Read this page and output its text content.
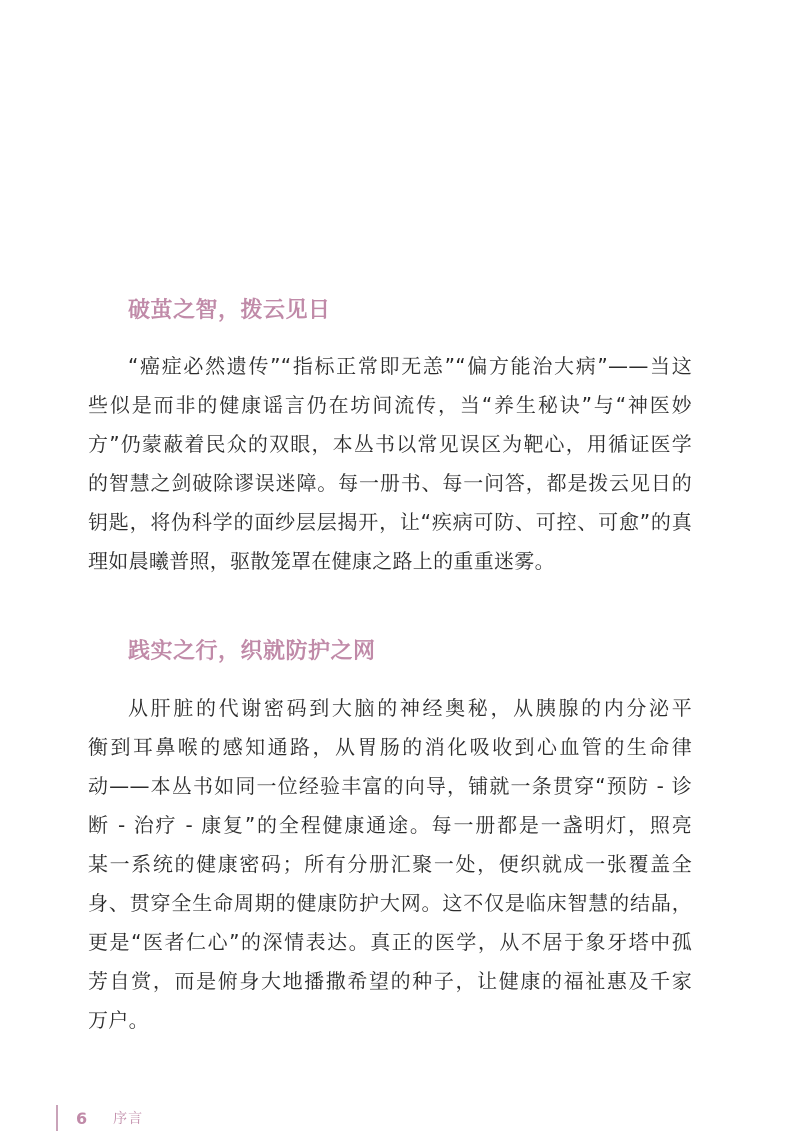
破茧之智，拨云见日
“癌症必然遗传”“指标正常即无恙”“偏方能治大病”——当这
些似是而非的健康谣言仍在坊间流传，当“养生秘诀”与“神医妙
方”仍蒙蔽着民众的双眼，本丛书以常见误区为靶心，用循证医学
的智慧之剑破除谬误迷障。每一册书、每一问答，都是拨云见日的
钥匙，将伪科学的面纱层层揭开，让“疾病可防、可控、可愈”的真
理如晨曦普照，驱散笼罩在健康之路上的重重迷雾。
践实之行，织就防护之网
从肝脏的代谢密码到大脑的神经奥秘，从胰腺的内分泌平
衡到耳鼻喉的感知通路，从胃肠的消化吸收到心血管的生命律
动——本丛书如同一位经验丰富的向导，铺就一条贯穿“预防 - 诊
断 - 治疗 - 康复”的全程健康通途。每一册都是一盏明灯，照亮
某一系统的健康密码；所有分册汇聚一处，便织就成一张覆盖全
身、贯穿全生命周期的健康防护大网。这不仅是临床智慧的结晶，
更是“医者仁心”的深情表达。真正的医学，从不居于象牙塔中孤
芳自赏，而是俯身大地播撒希望的种子，让健康的福祉惠及千家
万户。
6 序言
